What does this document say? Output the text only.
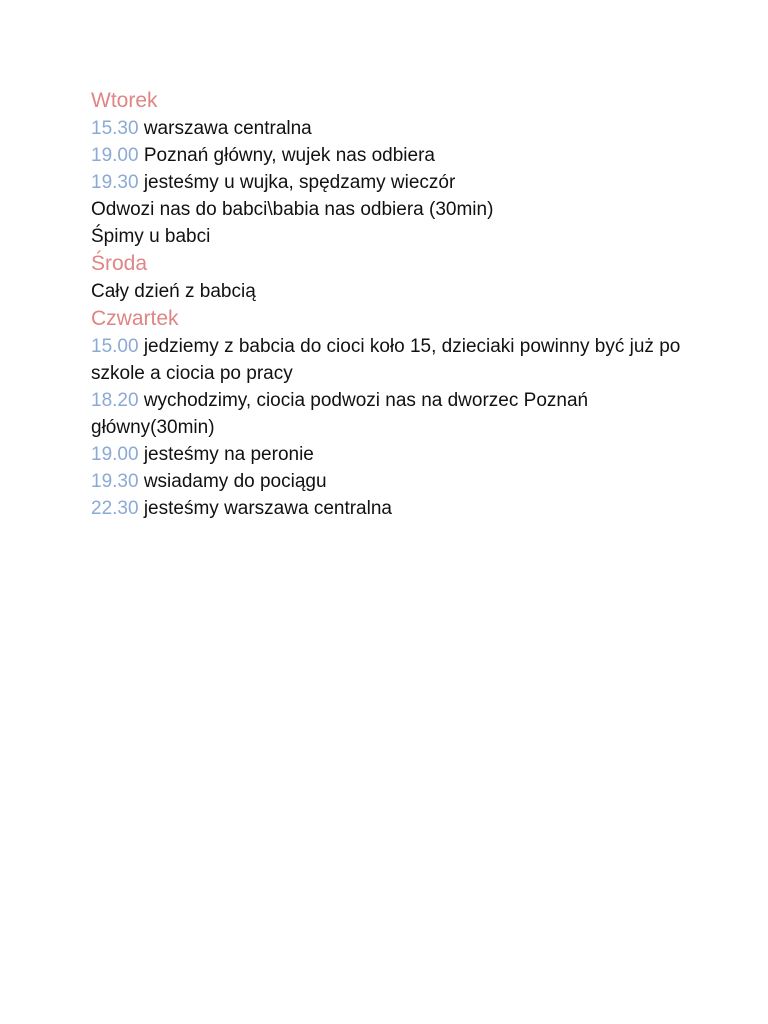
Wtorek

15.30 warszawa centralna

19.00 Poznań główny, wujek nas odbiera

19.30 jesteśmy u wujka, spędzamy wieczór

Odwozi nas do babci\babia nas odbiera (30min)

Śpimy u babci

Środa

Cały dzień z babcią

Czwartek

15.00 jedziemy z babcia do cioci koło 15, dzieciaki powinny być już po szkole a ciocia po pracy

18.20 wychodzimy, ciocia podwozi nas na dworzec Poznań główny(30min)

19.00 jesteśmy na peronie

19.30 wsiadamy do pociągu

22.30 jesteśmy warszawa centralna
